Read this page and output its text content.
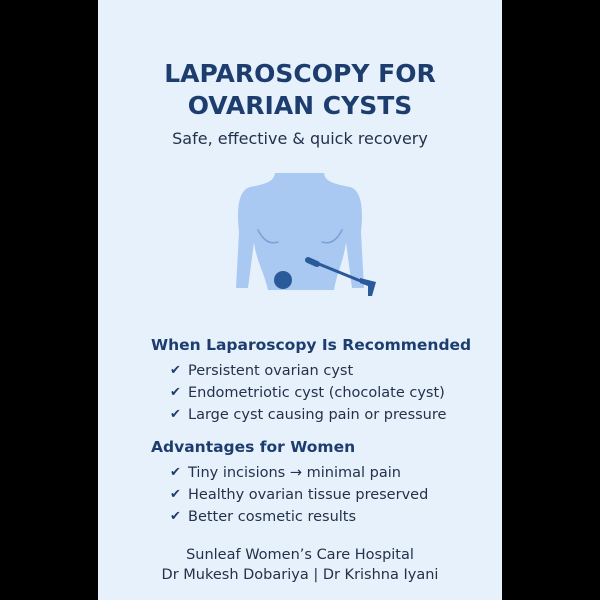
LAPAROSCOPY FOR
OVARIAN CYSTS
Safe, effective & quick recovery
When Laparoscopy Is Recommended
✔ Persistent ovarian cyst
✔ Endometriotic cyst (chocolate cyst)
✔ Large cyst causing pain or pressure
Advantages for Women
✔ Tiny incisions → minimal pain
✔ Healthy ovarian tissue preserved
✔ Better cosmetic results
Sunleaf Women’s Care Hospital
Dr Mukesh Dobariya | Dr Krishna Iyani
